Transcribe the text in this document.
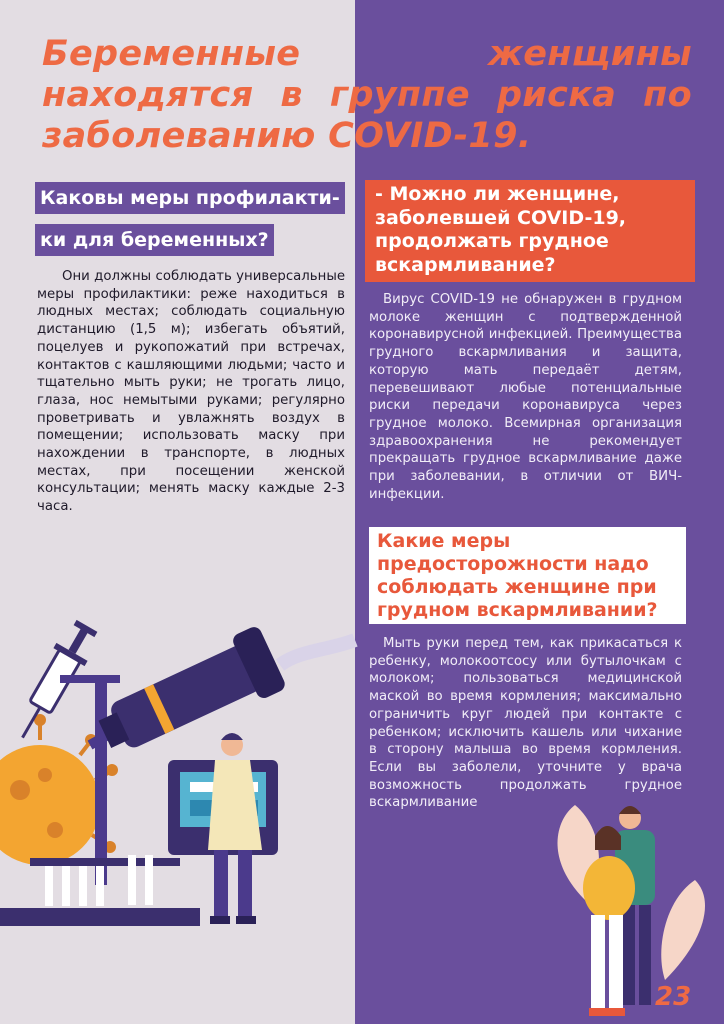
Беременные женщины находятся в группе риска по заболеванию COVID-19.
Каковы меры профилакти-
ки для беременных?

Они должны соблюдать универсальные меры профилактики: реже находиться в людных местах; соблюдать социальную дистанцию (1,5 м); избегать объятий, поцелуев и рукопожатий при встречах, контактов с кашляющими людьми; часто и тщательно мыть руки; не трогать лицо, глаза, нос немытыми руками; регулярно проветривать и увлажнять воздух в помещении; использовать маску при нахождении в транспорте, в людных местах, при посещении женской консультации; менять маску каждые 2-3 часа.

- Можно ли женщине, заболевшей COVID-19, продолжать грудное вскармливание?

Вирус COVID-19 не обнаружен в грудном молоке женщин с подтвержденной коронавирусной инфекцией. Преимущества грудного вскармливания и защита, которую мать передаёт детям, перевешивают любые потенциальные риски передачи коронавируса через грудное молоко. Всемирная организация здравоохранения не рекомендует прекращать грудное вскармливание даже при заболевании, в отличии от ВИЧ- инфекции.

Какие меры предосторожности надо соблюдать женщине при грудном вскармливании?

Мыть руки перед тем, как прикасаться к ребенку, молокоотсосу или бутылочкам с молоком; пользоваться медицинской маской во время кормления; максимально ограничить круг людей при контакте с ребенком; исключить кашель или чихание в сторону малыша во время кормления. Если вы заболели, уточните у врача возможность продолжать грудное вскармливание

23
